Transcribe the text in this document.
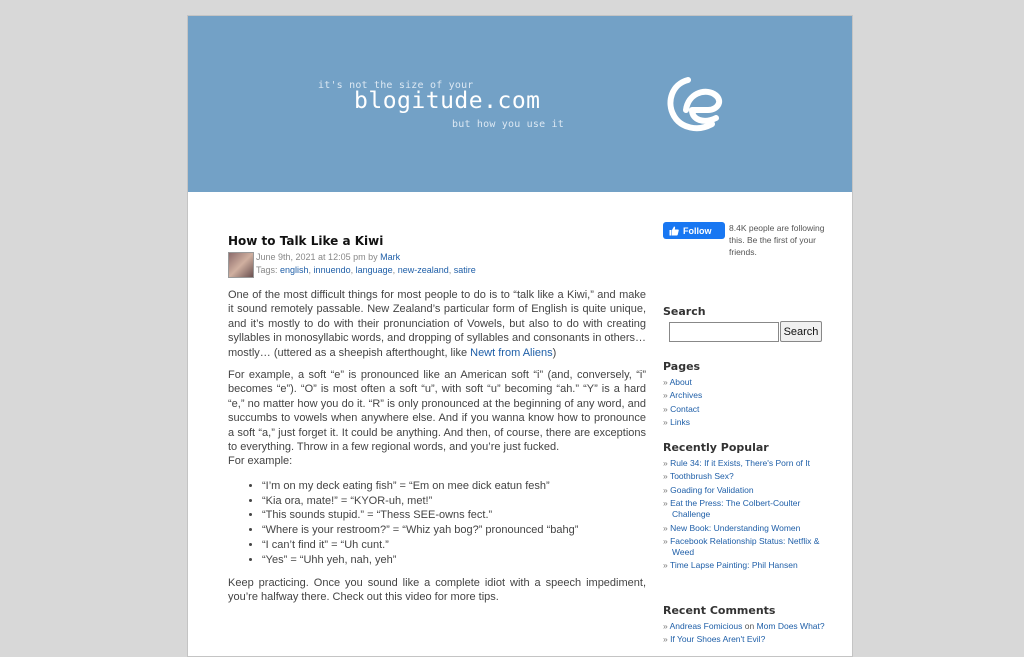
it's not the size of your
blogitude.com
but how you use it
How to Talk Like a Kiwi
June 9th, 2021 at 12:05 pm by Mark
Tags: english, innuendo, language, new-zealand, satire

One of the most difficult things for most people to do is to “talk like a Kiwi,” and make it sound remotely passable. New Zealand’s particular form of English is quite unique, and it’s mostly to do with their pronunciation of Vowels, but also to do with creating syllables in monosyllabic words, and dropping of syllables and consonants in others… mostly… (uttered as a sheepish afterthought, like Newt from Aliens)

For example, a soft “e” is pronounced like an American soft “i” (and, conversely, “i” becomes “e”). “O” is most often a soft “u”, with soft “u” becoming “ah.” “Y” is a hard “e,” no matter how you do it. “R” is only pronounced at the beginning of any word, and succumbs to vowels when anywhere else. And if you wanna know how to pronounce a soft “a,” just forget it. It could be anything. And then, of course, there are exceptions to everything. Throw in a few regional words, and you’re just fucked.

For example:
• “I’m on my deck eating fish” = “Em on mee dick eatun fesh”
• “Kia ora, mate!” = “KYOR-uh, met!”
• “This sounds stupid.” = “Thess SEE-owns fect.”
• “Where is your restroom?” = “Whiz yah bog?” pronounced “bahg”
• “I can’t find it” = “Uh cunt.”
• “Yes” = “Uhh yeh, nah, yeh”

Keep practicing. Once you sound like a complete idiot with a speech impediment, you’re halfway there. Check out this video for more tips.

Follow 8.4K people are following this. Be the first of your friends.
Search
Search
Pages
» About
» Archives
» Contact
» Links
Recently Popular
» Rule 34: If it Exists, There's Porn of It
» Toothbrush Sex?
» Goading for Validation
» Eat the Press: The Colbert-Coulter Challenge
» New Book: Understanding Women
» Facebook Relationship Status: Netflix & Weed
» Time Lapse Painting: Phil Hansen
Recent Comments
» Andreas Fomicious on Mom Does What?
» If Your Shoes Aren't Evil?
